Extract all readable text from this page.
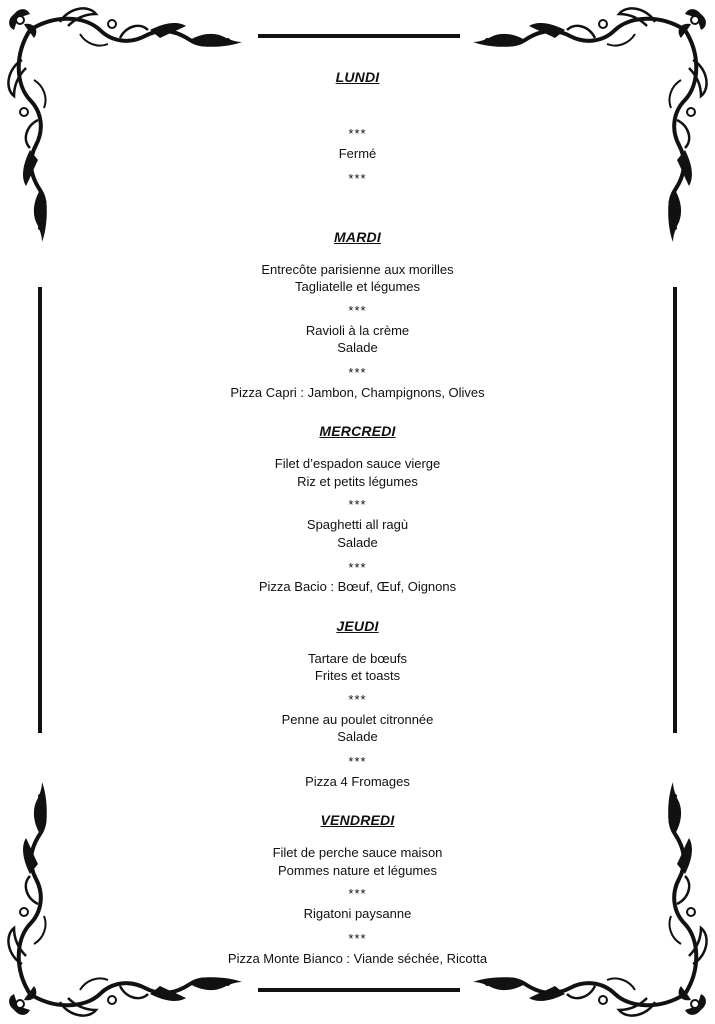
LUNDI
***
Fermé
***
MARDI
Entrecôte parisienne aux morilles
Tagliatelle et légumes
***
Ravioli à la crème
Salade
***
Pizza Capri : Jambon, Champignons, Olives
MERCREDI
Filet d’espadon sauce vierge
Riz et petits légumes
***
Spaghetti all ragù
Salade
***
Pizza Bacio : Bœuf, Œuf, Oignons
JEUDI
Tartare de bœufs
Frites et toasts
***
Penne au poulet citronnée
Salade
***
Pizza 4 Fromages
VENDREDI
Filet de perche sauce maison
Pommes nature et légumes
***
Rigatoni paysanne
***
Pizza Monte Bianco : Viande séchée, Ricotta
